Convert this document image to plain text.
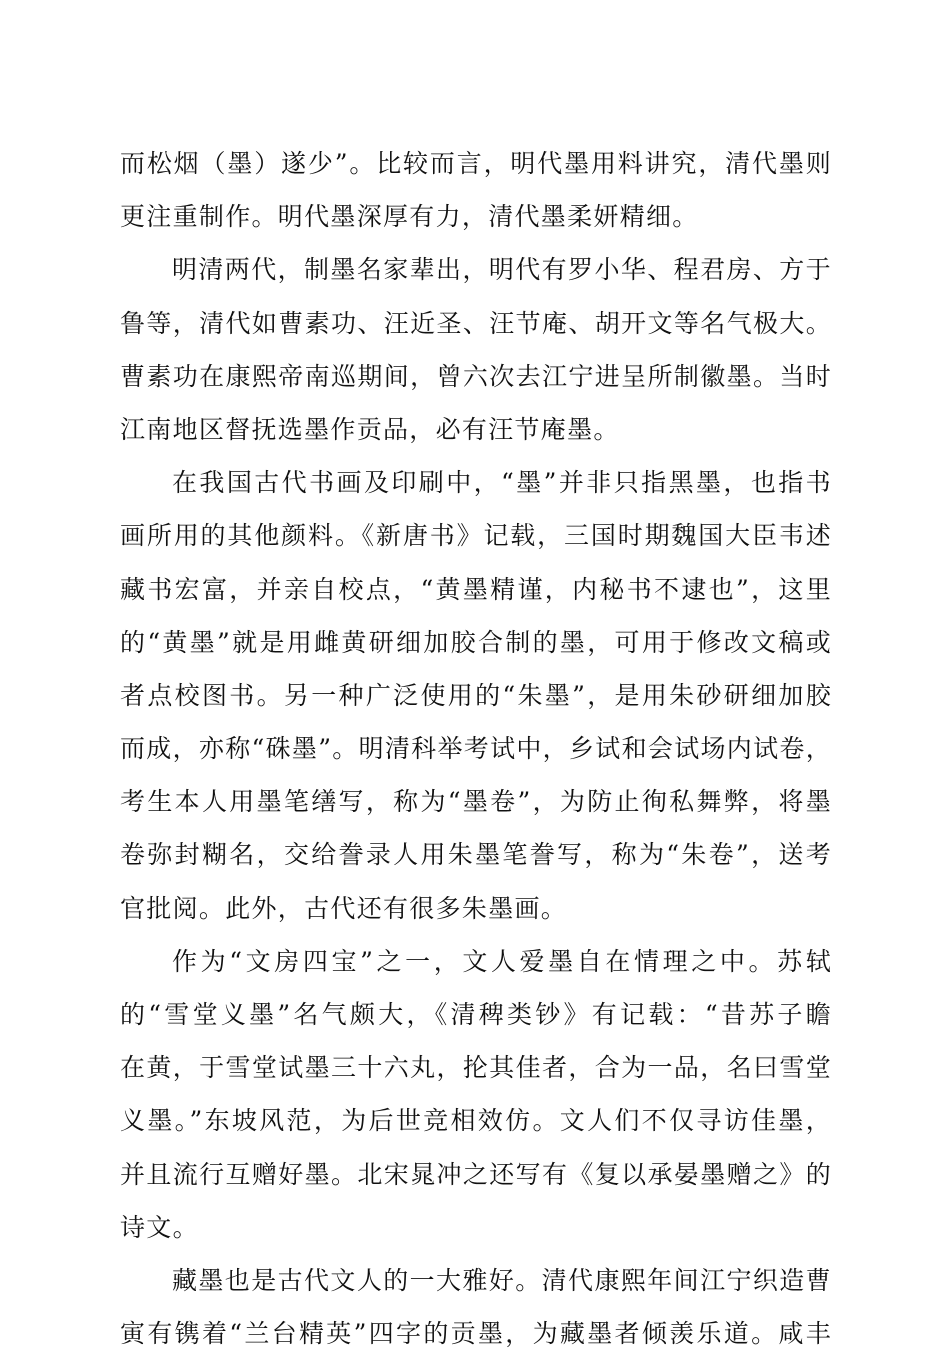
而松烟（墨）遂少”。比较而言，明代墨用料讲究，清代墨则
更注重制作。明代墨深厚有力，清代墨柔妍精细。
明清两代，制墨名家辈出，明代有罗小华、程君房、方于
鲁等，清代如曹素功、汪近圣、汪节庵、胡开文等名气极大。
曹素功在康熙帝南巡期间，曾六次去江宁进呈所制徽墨。当时
江南地区督抚选墨作贡品，必有汪节庵墨。
在我国古代书画及印刷中，“墨”并非只指黑墨，也指书
画所用的其他颜料。《新唐书》记载，三国时期魏国大臣韦述
藏书宏富，并亲自校点，“黄墨精谨，内秘书不逮也”，这里
的“黄墨”就是用雌黄研细加胶合制的墨，可用于修改文稿或
者点校图书。另一种广泛使用的“朱墨”，是用朱砂研细加胶
而成，亦称“硃墨”。明清科举考试中，乡试和会试场内试卷，
考生本人用墨笔缮写，称为“墨卷”，为防止徇私舞弊，将墨
卷弥封糊名，交给誊录人用朱墨笔誊写，称为“朱卷”，送考
官批阅。此外，古代还有很多朱墨画。
作为“文房四宝”之一，文人爱墨自在情理之中。苏轼
的“雪堂义墨”名气颇大，《清稗类钞》有记载：“昔苏子瞻
在黄，于雪堂试墨三十六丸，抡其佳者，合为一品，名曰雪堂
义墨。”东坡风范，为后世竞相效仿。文人们不仅寻访佳墨，
并且流行互赠好墨。北宋晁冲之还写有《复以承晏墨赠之》的
诗文。
藏墨也是古代文人的一大雅好。清代康熙年间江宁织造曹
寅有镌着“兰台精英”四字的贡墨，为藏墨者倾羡乐道。咸丰
